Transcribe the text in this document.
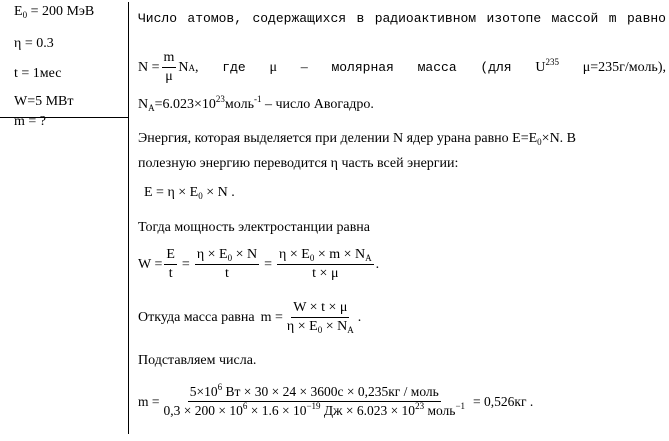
$E_0 = 200$ МэВ
η = 0.3
t = 1мес
W=5 МВт
m = ?
Число атомов, содержащихся в радиоактивном изотопе массой m равно
$N = \frac{m}{\mu}$ N A , где μ – молярная масса (для $U^{235}$ μ=235г/моль),
$N_A=6.023\times 10^{23}моль^{-1}$ – число Авогадро.
Энергия, которая выделяется при делении N ядер урана равно $E=E_0\times N$. В
полезную энергию переводится η часть всей энергии:
$E = \eta \times E_0 \times N$ .
Тогда мощность электростанции равна
$W = \frac{E}{t} = \frac{\eta \times E_0 \times N}{t} = \frac{\eta \times E_0 \times m \times N_A}{t \times \mu}$ .
Откуда масса равна $m = \frac{W \times t \times \mu}{\eta \times E_0 \times N_A}$ .
Подставляем числа.
$m = \frac{5\times 10^6 Вт \times 30 \times 24 \times 3600с \times 0,235кг / моль}{0,3 \times 200 \times 10^6 \times 1.6 \times 10^{-19} Дж \times 6.023 \times 10^{23} моль^{-1}} = 0,526кг$ .
